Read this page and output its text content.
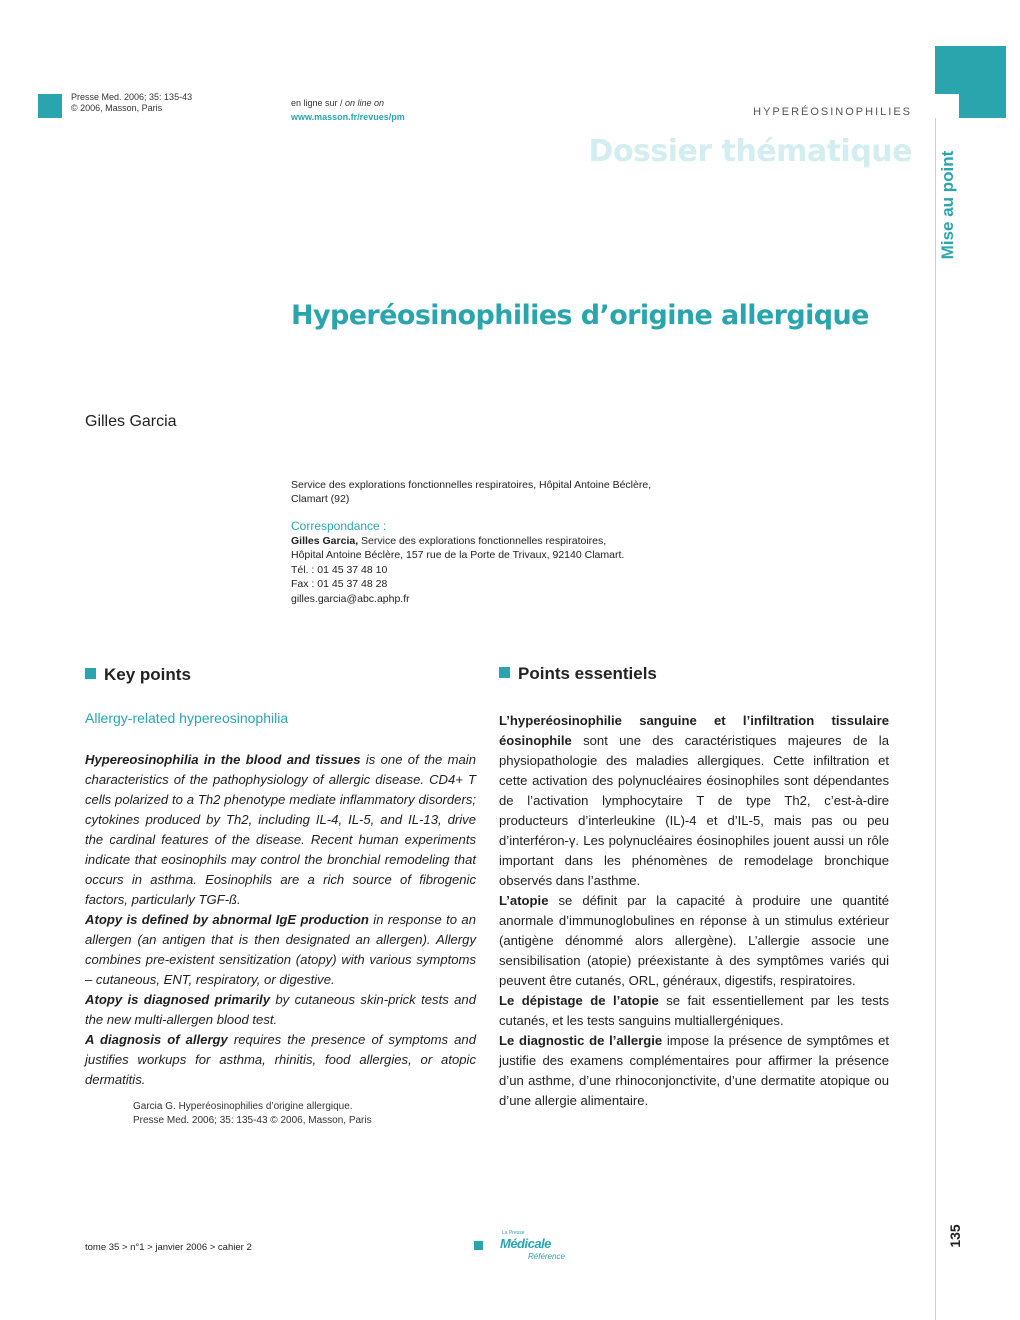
Presse Med. 2006; 35: 135-43
© 2006, Masson, Paris	en ligne sur / on line on
www.masson.fr/revues/pm	HYPERÉOSINOPHILIES
Dossier thématique Mise au point
135
Hyperéosinophilies d’origine allergique
Gilles Garcia
Service des explorations fonctionnelles respiratoires, Hôpital Antoine Béclère,
Clamart (92)
Correspondance :
Gilles Garcia, Service des explorations fonctionnelles respiratoires,
Hôpital Antoine Béclère, 157 rue de la Porte de Trivaux, 92140 Clamart.
Tél. : 01 45 37 48 10
Fax : 01 45 37 48 28
gilles.garcia@abc.aphp.fr
Key points
Allergy-related hypereosinophilia

Hypereosinophilia in the blood and tissues is one of the main characteristics of the pathophysiology of allergic disease. CD4+ T cells polarized to a Th2 phenotype mediate inflammatory disorders; cytokines produced by Th2, including IL-4, IL-5, and IL-13, drive the cardinal features of the disease. Recent human experiments indicate that eosinophils may control the bronchial remodeling that occurs in asthma. Eosinophils are a rich source of fibrogenic factors, particularly TGF-ß.

Atopy is defined by abnormal IgE production in response to an allergen (an antigen that is then designated an allergen). Allergy combines pre-existent sensitization (atopy) with various symptoms – cutaneous, ENT, respiratory, or digestive.

Atopy is diagnosed primarily by cutaneous skin-prick tests and the new multi-allergen blood test.

A diagnosis of allergy requires the presence of symptoms and justifies workups for asthma, rhinitis, food allergies, or atopic dermatitis.

Garcia G. Hyperéosinophilies d’origine allergique.
Presse Med. 2006; 35: 135-43 © 2006, Masson, Paris
Points essentiels

L’hyperéosinophilie sanguine et l’infiltration tissulaire éosinophile sont une des caractéristiques majeures de la physiopathologie des maladies allergiques. Cette infiltration et cette activation des polynucléaires éosinophiles sont dépendantes de l’activation lymphocytaire T de type Th2, c’est-à-dire producteurs d’interleukine (IL)-4 et d’IL-5, mais pas ou peu d’interféron-γ. Les polynucléaires éosinophiles jouent aussi un rôle important dans les phénomènes de remodelage bronchique observés dans l’asthme.

L’atopie se définit par la capacité à produire une quantité anormale d’immunoglobulines en réponse à un stimulus extérieur (antigène dénommé alors allergène). L’allergie associe une sensibilisation (atopie) préexistante à des symptômes variés qui peuvent être cutanés, ORL, généraux, digestifs, respiratoires.

Le dépistage de l’atopie se fait essentiellement par les tests cutanés, et les tests sanguins multiallergéniques.

Le diagnostic de l’allergie impose la présence de symptômes et justifie des examens complémentaires pour affirmer la présence d’un asthme, d’une rhinoconjonctivite, d’une dermatite atopique ou d’une allergie alimentaire.

tome 35 > n°1 > janvier 2006 > cahier 2
La Presse
Médicale
Référence
